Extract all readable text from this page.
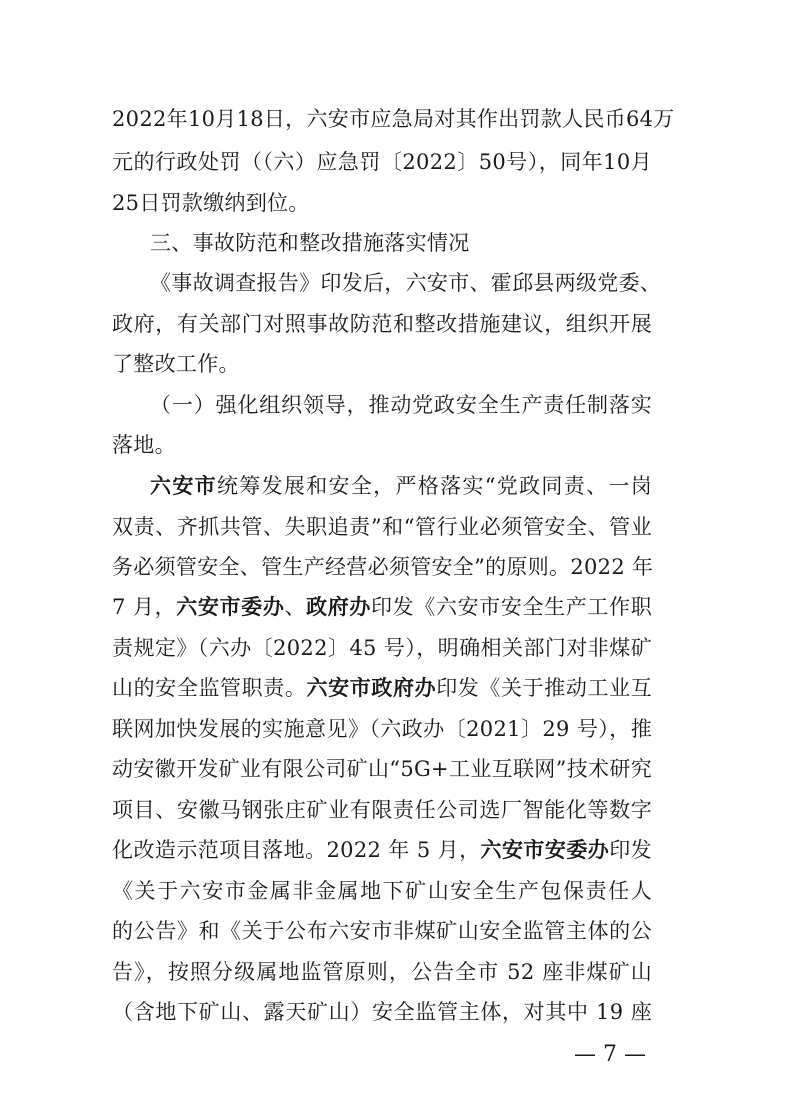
2022年10月18日，六安市应急局对其作出罚款人民币64万
元的行政处罚（（六）应急罚〔2022〕50号），同年10月
25日罚款缴纳到位。
三、事故防范和整改措施落实情况
《事故调查报告》印发后，六安市、霍邱县两级党委、
政府，有关部门对照事故防范和整改措施建议，组织开展
了整改工作。
（一）强化组织领导，推动党政安全生产责任制落实
落地。
六安市统筹发展和安全，严格落实“党政同责、一岗
双责、齐抓共管、失职追责”和“管行业必须管安全、管业
务必须管安全、管生产经营必须管安全”的原则。2022 年
7 月，六安市委办、政府办印发《六安市安全生产工作职
责规定》（六办〔2022〕45 号），明确相关部门对非煤矿
山的安全监管职责。六安市政府办印发《关于推动工业互
联网加快发展的实施意见》（六政办〔2021〕29 号），推
动安徽开发矿业有限公司矿山“5G+工业互联网”技术研究
项目、安徽马钢张庄矿业有限责任公司选厂智能化等数字
化改造示范项目落地。2022 年 5 月，六安市安委办印发
《关于六安市金属非金属地下矿山安全生产包保责任人
的公告》和《关于公布六安市非煤矿山安全监管主体的公
告》，按照分级属地监管原则，公告全市 52 座非煤矿山
（含地下矿山、露天矿山）安全监管主体，对其中 19 座
— 7 —
